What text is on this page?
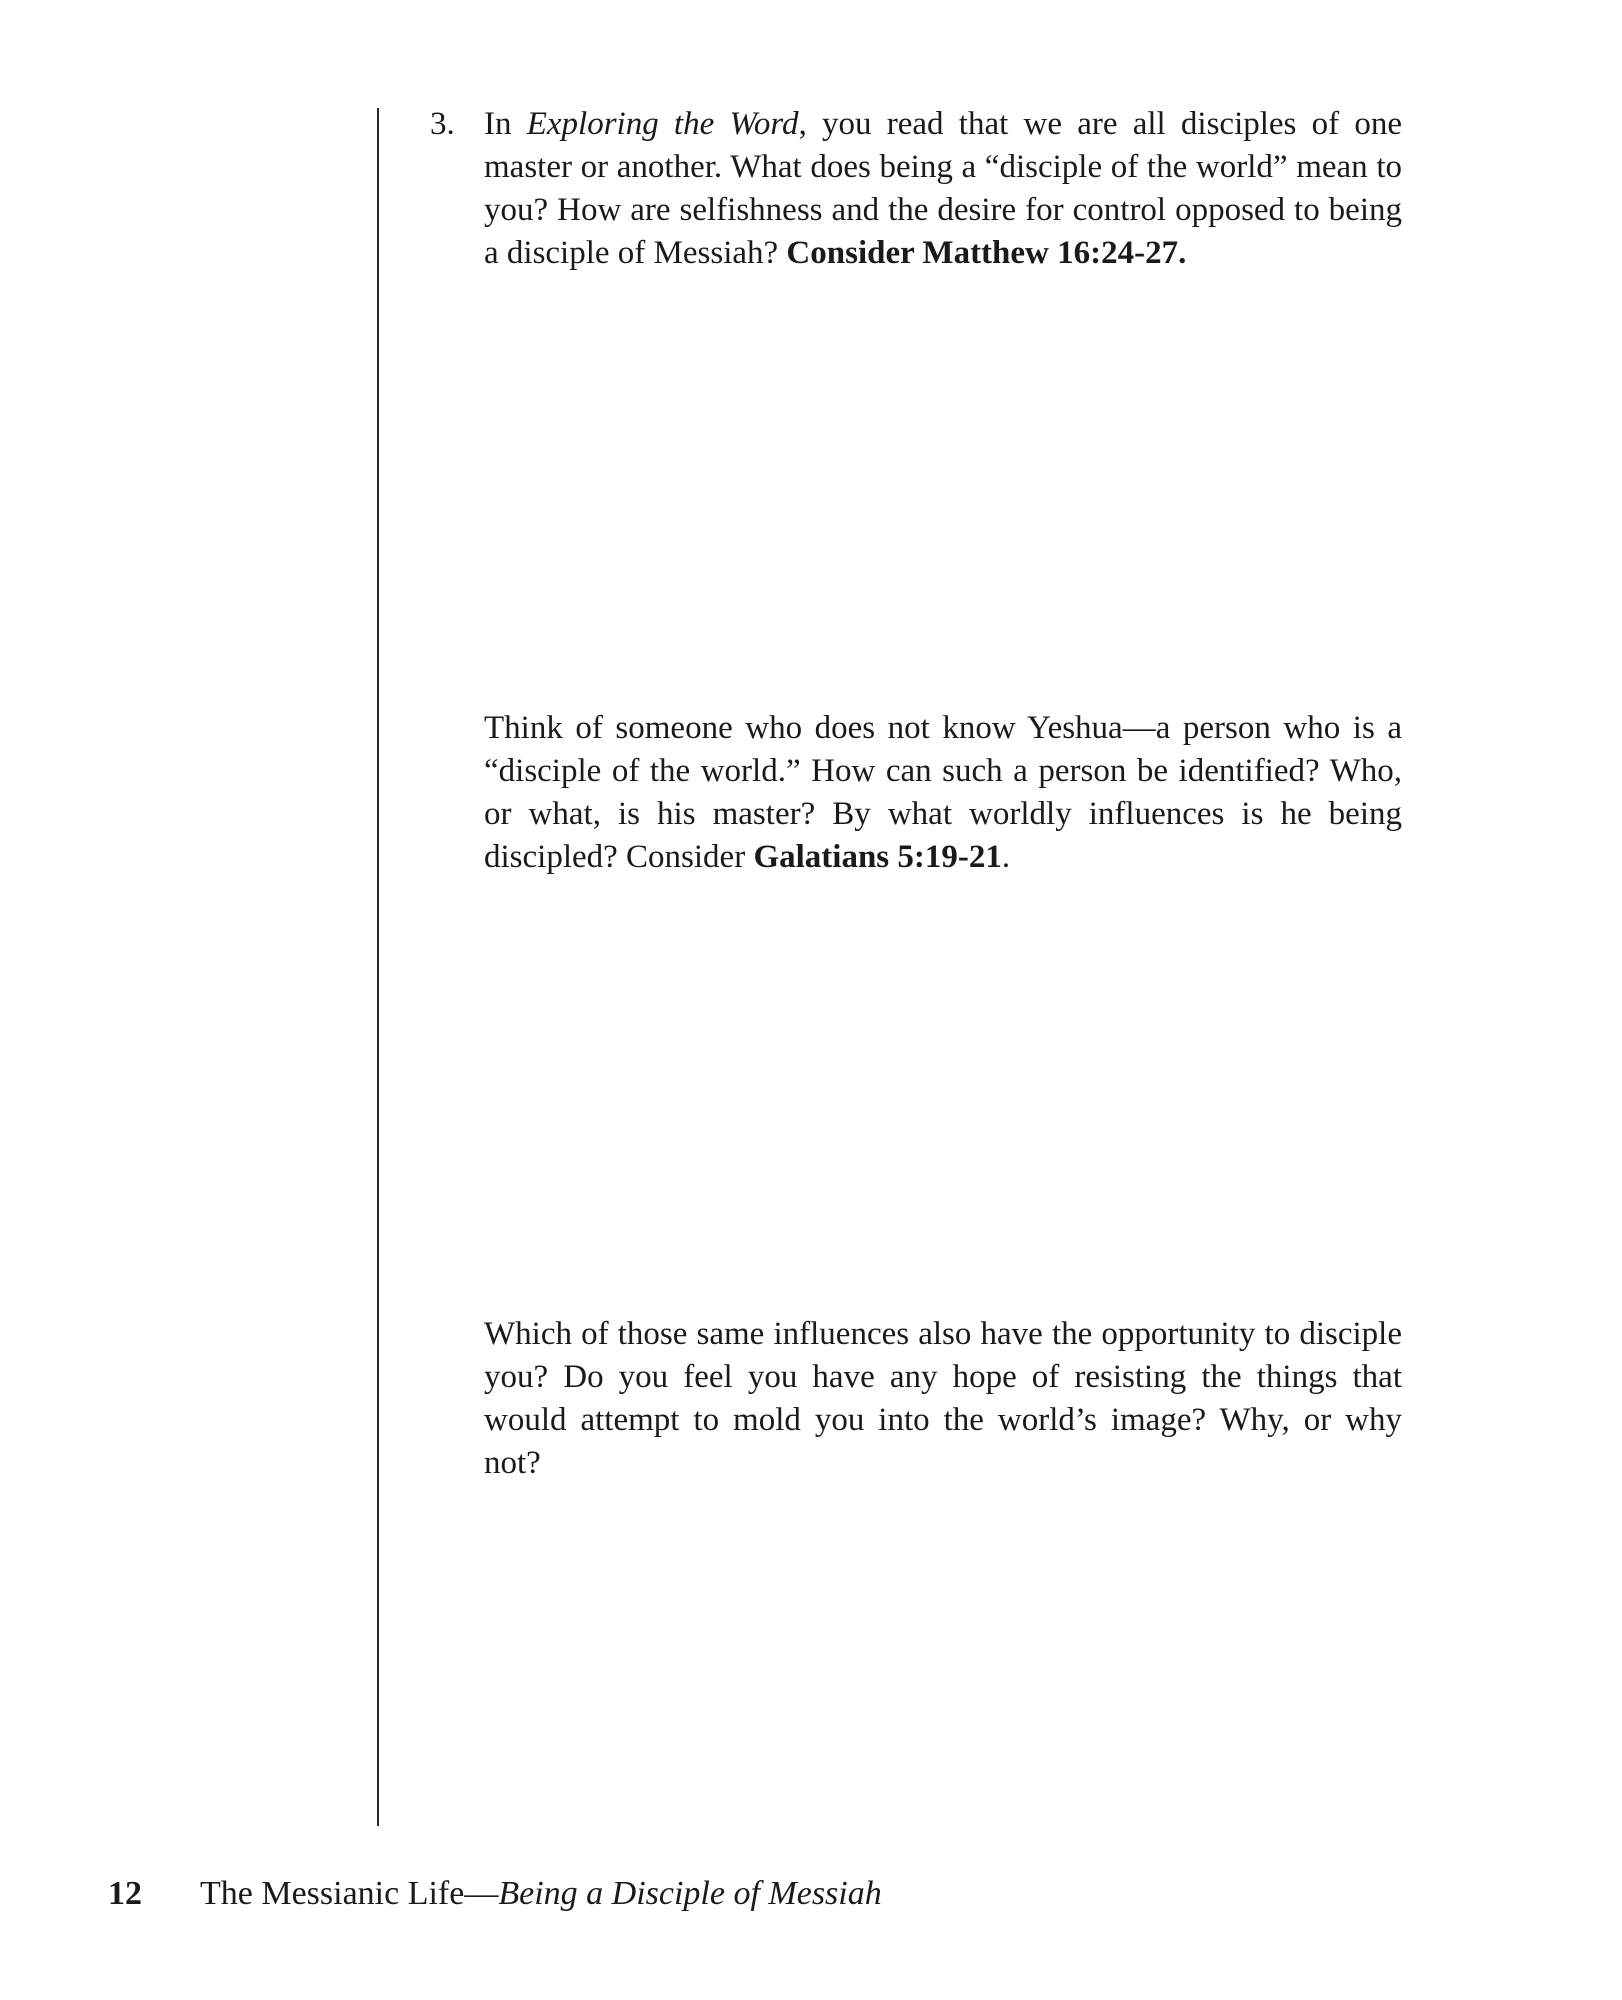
3. In Exploring the Word, you read that we are all disciples of one master or another. What does being a “disciple of the world” mean to you? How are selfishness and the desire for control opposed to being a disciple of Messiah? Consider Matthew 16:24-27.

Think of someone who does not know Yeshua—a person who is a “disciple of the world.” How can such a person be identified? Who, or what, is his master? By what worldly influences is he being discipled? Consider Galatians 5:19-21.

Which of those same influences also have the opportunity to disciple you? Do you feel you have any hope of resisting the things that would attempt to mold you into the world’s image? Why, or why not?

12 The Messianic Life—Being a Disciple of Messiah
